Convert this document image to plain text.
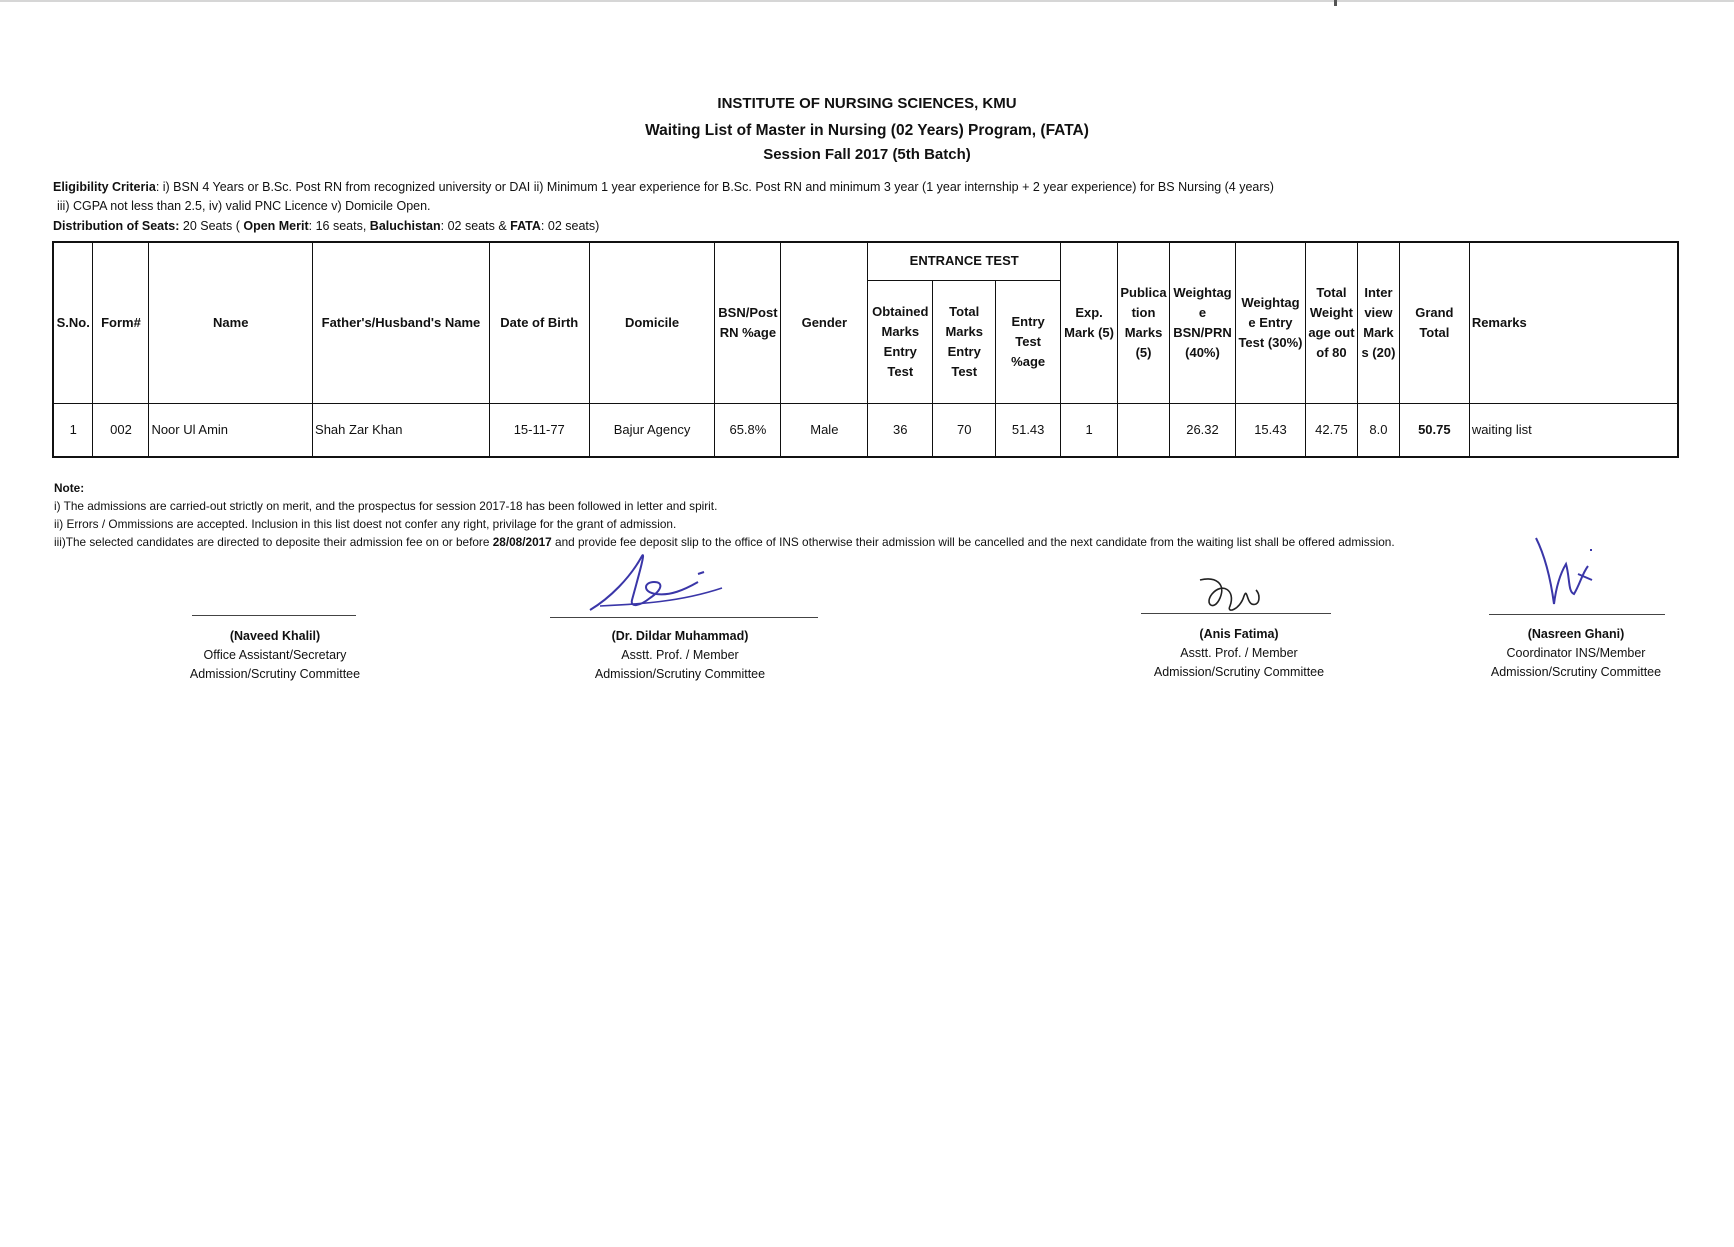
INSTITUTE OF NURSING SCIENCES, KMU
Waiting List of Master in Nursing (02 Years) Program, (FATA)
Session Fall 2017 (5th Batch)
Eligibility Criteria: i) BSN 4 Years or B.Sc. Post RN from recognized university or DAI ii) Minimum 1 year experience for B.Sc. Post RN and minimum 3 year (1 year internship + 2 year experience) for BS Nursing (4 years)
iii) CGPA not less than 2.5, iv) valid PNC Licence v) Domicile Open.
Distribution of Seats: 20 Seats ( Open Merit: 16 seats, Baluchistan: 02 seats & FATA: 02 seats)
S.No.	Form#	Name	Father's/Husband's Name	Date of Birth	Domicile	BSN/Post RN %age	Gender	ENTRANCE TEST			Exp. Mark (5)	Publica tion Marks (5)	Weightag e BSN/PRN (40%)	Weightag e Entry Test (30%)	Total Weight age out of 80	Inter view Mark s (20)	Grand Total	Remarks
								Obtained Marks Entry Test	Total Marks Entry Test	Entry Test %age								
1	002	Noor Ul Amin	Shah Zar Khan	15-11-77	Bajur Agency	65.8%	Male	36	70	51.43	1		26.32	15.43	42.75	8.0	50.75	waiting list
Note:
i) The admissions are carried-out strictly on merit, and the prospectus for session 2017-18 has been followed in letter and spirit.
ii) Errors / Ommissions are accepted. Inclusion in this list doest not confer any right, privilage for the grant of admission.
iii)The selected candidates are directed to deposite their admission fee on or before 28/08/2017 and provide fee deposit slip to the office of INS otherwise their admission will be cancelled and the next candidate from the waiting list shall be offered admission.
(Naveed Khalil)
Office Assistant/Secretary
Admission/Scrutiny Committee
(Dr. Dildar Muhammad)
Asstt. Prof. / Member
Admission/Scrutiny Committee
(Anis Fatima)
Asstt. Prof. / Member
Admission/Scrutiny Committee
(Nasreen Ghani)
Coordinator INS/Member
Admission/Scrutiny Committee
